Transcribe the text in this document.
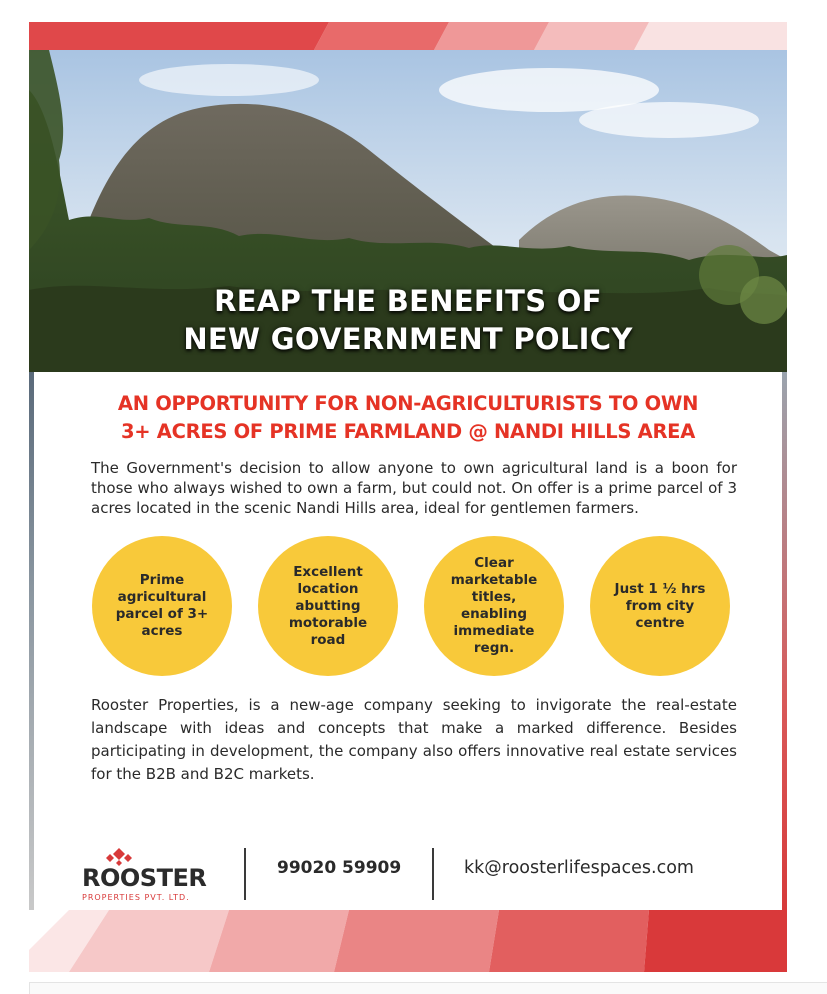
REAP THE BENEFITS OF
NEW GOVERNMENT POLICY
AN OPPORTUNITY FOR NON-AGRICULTURISTS TO OWN
3+ ACRES OF PRIME FARMLAND @ NANDI HILLS AREA

The Government's decision to allow anyone to own agricultural land is a boon for those who always wished to own a farm, but could not. On offer is a prime parcel of 3 acres located in the scenic Nandi Hills area, ideal for gentlemen farmers.

Prime
agricultural
parcel of 3+
acres
Excellent
location
abutting
motorable
road
Clear
marketable
titles, enabling
immediate
regn.
Just 1 ½ hrs
from city
centre

Rooster Properties, is a new-age company seeking to invigorate the real-estate landscape with ideas and concepts that make a marked difference. Besides participating in development, the company also offers innovative real estate services for the B2B and B2C markets.

ROOSTER
PROPERTIES PVT. LTD.
99020 59909	kk@roosterlifespaces.com
